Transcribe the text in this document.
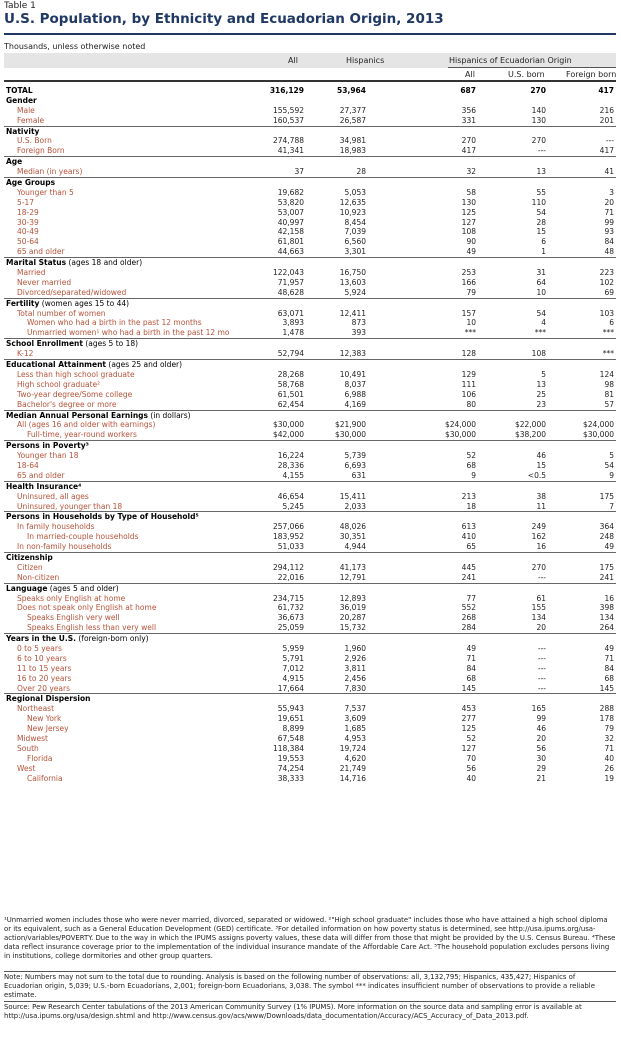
Table 1
U.S. Population, by Ethnicity and Ecuadorian Origin, 2013
Thousands, unless otherwise noted
All	Hispanics	Hispanics of Ecuadorian Origin
All	U.S. born	Foreign born
TOTAL	316,129	53,964	687	270	417
Gender
Male	155,592	27,377	356	140	216
Female	160,537	26,587	331	130	201
Nativity
U.S. Born	274,788	34,981	270	270	---
Foreign Born	41,341	18,983	417	---	417
Age
Median (in years)	37	28	32	13	41
Age Groups
Younger than 5	19,682	5,053	58	55	3
5-17	53,820	12,635	130	110	20
18-29	53,007	10,923	125	54	71
30-39	40,997	8,454	127	28	99
40-49	42,158	7,039	108	15	93
50-64	61,801	6,560	90	6	84
65 and older	44,663	3,301	49	1	48
Marital Status (ages 18 and older)
Married	122,043	16,750	253	31	223
Never married	71,957	13,603	166	64	102
Divorced/separated/widowed	48,628	5,924	79	10	69
Fertility (women ages 15 to 44)
Total number of women	63,071	12,411	157	54	103
Women who had a birth in the past 12 months	3,893	873	10	4	6
Unmarried women¹ who had a birth in the past 12 mo	1,478	393	***	***	***
School Enrollment (ages 5 to 18)
K-12	52,794	12,383	128	108	***
Educational Attainment (ages 25 and older)
Less than high school graduate	28,268	10,491	129	5	124
High school graduate²	58,768	8,037	111	13	98
Two-year degree/Some college	61,501	6,988	106	25	81
Bachelor's degree or more	62,454	4,169	80	23	57
Median Annual Personal Earnings (in dollars)
All (ages 16 and older with earnings)	$30,000	$21,900	$24,000	$22,000	$24,000
Full-time, year-round workers	$42,000	$30,000	$30,000	$38,200	$30,000
Persons in Poverty³
Younger than 18	16,224	5,739	52	46	5
18-64	28,336	6,693	68	15	54
65 and older	4,155	631	9	<0.5	9
Health Insurance⁴
Uninsured, all ages	46,654	15,411	213	38	175
Uninsured, younger than 18	5,245	2,033	18	11	7
Persons in Households by Type of Household⁵
In family households	257,066	48,026	613	249	364
In married-couple households	183,952	30,351	410	162	248
In non-family households	51,033	4,944	65	16	49
Citizenship
Citizen	294,112	41,173	445	270	175
Non-citizen	22,016	12,791	241	---	241
Language (ages 5 and older)
Speaks only English at home	234,715	12,893	77	61	16
Does not speak only English at home	61,732	36,019	552	155	398
Speaks English very well	36,673	20,287	268	134	134
Speaks English less than very well	25,059	15,732	284	20	264
Years in the U.S. (foreign-born only)
0 to 5 years	5,959	1,960	49	---	49
6 to 10 years	5,791	2,926	71	---	71
11 to 15 years	7,012	3,811	84	---	84
16 to 20 years	4,915	2,456	68	---	68
Over 20 years	17,664	7,830	145	---	145
Regional Dispersion
Northeast	55,943	7,537	453	165	288
New York	19,651	3,609	277	99	178
New Jersey	8,899	1,685	125	46	79
Midwest	67,548	4,953	52	20	32
South	118,384	19,724	127	56	71
Florida	19,553	4,620	70	30	40
West	74,254	21,749	56	29	26
California	38,333	14,716	40	21	19
¹Unmarried women includes those who were never married, divorced, separated or widowed. ²"High school graduate" includes those who have attained a high school diploma or its equivalent, such as a General Education Development (GED) certificate. ³For detailed information on how poverty status is determined, see http://usa.ipums.org/usa-action/variables/POVERTY. Due to the way in which the IPUMS assigns poverty values, these data will differ from those that might be provided by the U.S. Census Bureau. ⁴These data reflect insurance coverage prior to the implementation of the individual insurance mandate of the Affordable Care Act. ⁵The household population excludes persons living in institutions, college dormitories and other group quarters.
Note: Numbers may not sum to the total due to rounding. Analysis is based on the following number of observations: all, 3,132,795; Hispanics, 435,427; Hispanics of Ecuadorian origin, 5,039; U.S.-born Ecuadorians, 2,001; foreign-born Ecuadorians, 3,038. The symbol *** indicates insufficient number of observations to provide a reliable estimate.
Source: Pew Research Center tabulations of the 2013 American Community Survey (1% IPUMS). More information on the source data and sampling error is available at http://usa.ipums.org/usa/design.shtml and http://www.census.gov/acs/www/Downloads/data_documentation/Accuracy/ACS_Accuracy_of_Data_2013.pdf.
